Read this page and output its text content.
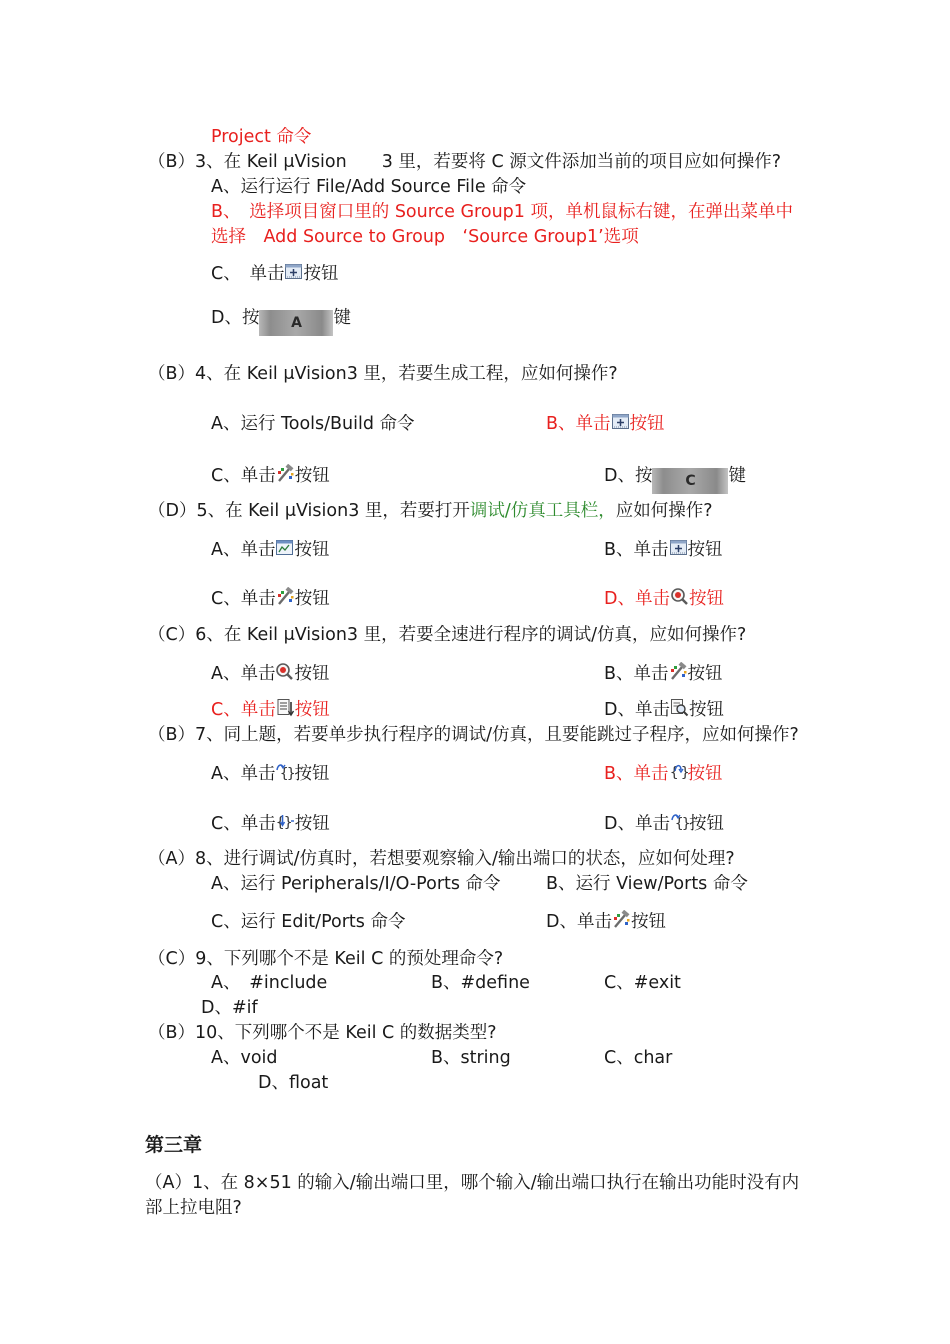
Project 命令
（B）3、在 Keil μVision　　3 里，若要将 C 源文件添加当前的项目应如何操作?
A、运行运行 File/Add Source File 命令
B、　选择项目窗口里的 Source Group1 项，单机鼠标右键，在弹出菜单中
选择　Add Source to Group　‘Source Group1’选项
C、　单击 按钮
D、按 A 键
（B）4、在 Keil μVision3 里，若要生成工程，应如何操作?
A、运行 Tools/Build 命令	B、单击 按钮
C、单击 按钮	D、按 C 键
（D）5、在 Keil μVision3 里，若要打开调试/仿真工具栏，应如何操作?
A、单击 按钮	B、单击 按钮
C、单击 按钮	D、单击 按钮
（C）6、在 Keil μVision3 里，若要全速进行程序的调试/仿真，应如何操作?
A、单击 按钮	B、单击 按钮
C、单击 按钮	D、单击 按钮
（B）7、同上题，若要单步执行程序的调试/仿真，且要能跳过子程序，应如何操作?
A、单击 按钮	B、单击 按钮
C、单击 按钮	D、单击 按钮
（A）8、进行调试/仿真时，若想要观察输入/输出端口的状态，应如何处理?
A、运行 Peripherals/I/O-Ports 命令	B、运行 View/Ports 命令
C、运行 Edit/Ports 命令	D、单击 按钮
（C）9、下列哪个不是 Keil C 的预处理命令?
A、　#include	B、#define	C、#exit
D、#if
（B）10、下列哪个不是 Keil C 的数据类型?
A、void	B、string	C、char
D、float
第三章
（A）1、在 8×51 的输入/输出端口里，哪个输入/输出端口执行在输出功能时没有内
部上拉电阻?
